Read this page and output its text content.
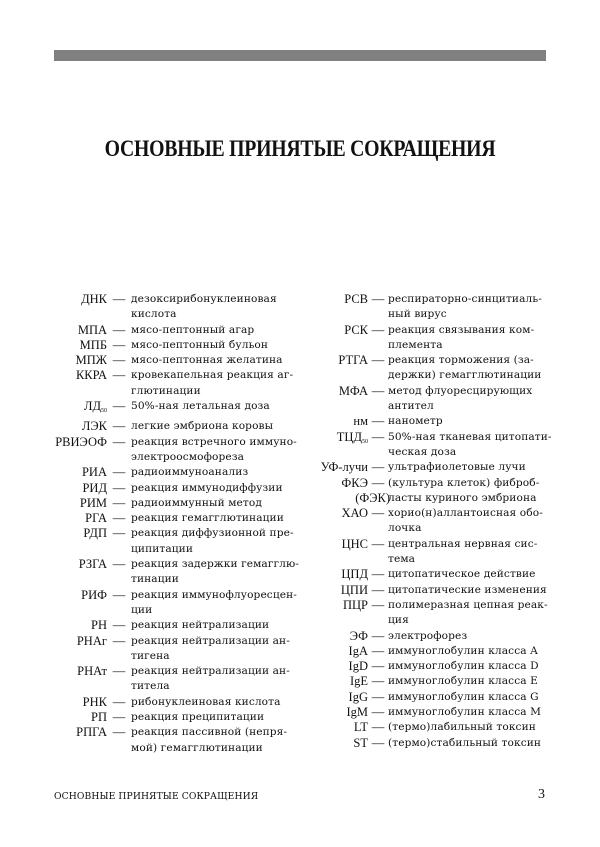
ОСНОВНЫЕ ПРИНЯТЫЕ СОКРАЩЕНИЯ
ДНК — дезоксирибонуклеиновая
кислота
МПА — мясо-пептонный агар
МПБ — мясо-пептонный бульон
МПЖ — мясо-пептонная желатина
ККРА — кровекапельная реакция аг-
глютинации
$ЛД_{50}$ — 50%-ная летальная доза
ЛЭК — легкие эмбриона коровы
РВИЭОФ — реакция встречного иммуно-
электроосмофореза
РИА — радиоиммуноанализ
РИД — реакция иммунодиффузии
РИМ — радиоиммунный метод
РГА — реакция гемагглютинации
РДП — реакция диффузионной пре-
ципитации
РЗГА — реакция задержки гемагглю-
тинации
РИФ — реакция иммунофлуоресцен-
ции
РН — реакция нейтрализации
РНАг — реакция нейтрализации ан-
тигена
РНАт — реакция нейтрализации ан-
титела
РНК — рибонуклеиновая кислота
РП — реакция преципитации
РПГА — реакция пассивной (непря-
мой) гемагглютинации
РСВ — респираторно-синцитиаль-
ный вирус
РСК — реакция связывания ком-
племента
РТГА — реакция торможения (за-
держки) гемагглютинации
МФА — метод флуоресцирующих
антител
нм — нанометр
$ТЦД_{50}$ — 50%-ная тканевая цитопати-
ческая доза
УФ-лучи — ультрафиолетовые лучи
ФКЭ
(ФЭК)
— (культура клеток) фиброб-
ласты куриного эмбриона
ХАО — хорио(н)аллантоисная обо-
лочка
ЦНС — центральная нервная сис-
тема
ЦПД — цитопатическое действие
ЦПИ — цитопатические изменения
ПЦР — полимеразная цепная реак-
ция
ЭФ — электрофорез
IgA — иммуноглобулин класса A
IgD — иммуноглобулин класса D
IgE — иммуноглобулин класса E
IgG — иммуноглобулин класса G
IgM — иммуноглобулин класса M
LT — (термо)лабильный токсин
ST — (термо)стабильный токсин
ОСНОВНЫЕ ПРИНЯТЫЕ СОКРАЩЕНИЯ	3
